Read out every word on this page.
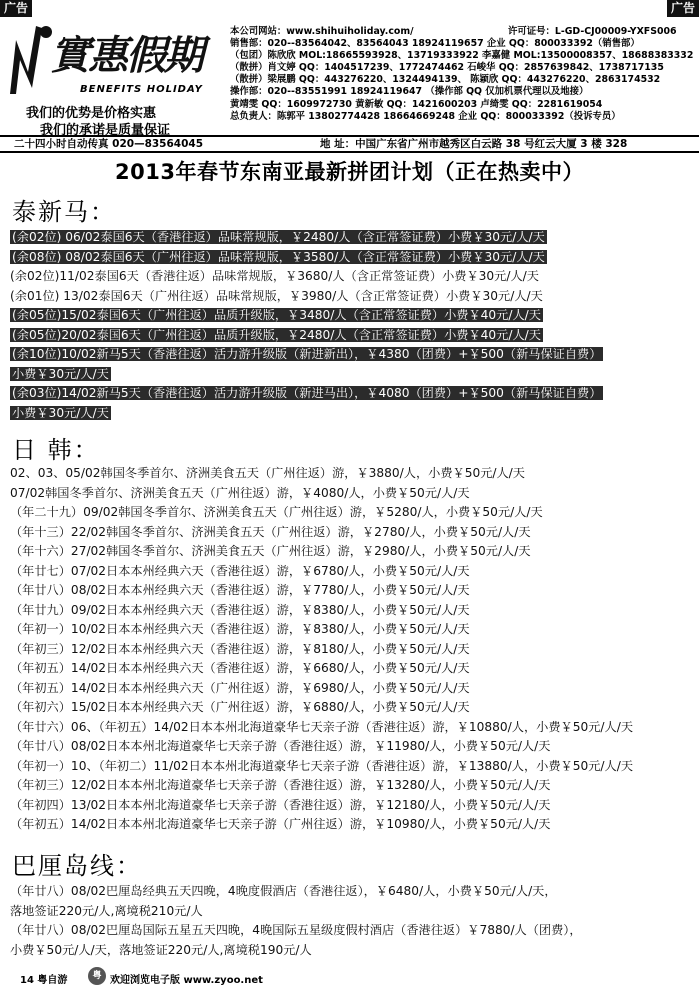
广告	广告
實惠假期
BENEFITS HOLIDAY
我们的优势是价格实惠
我们的承诺是质量保证
本公司网站：www.shihuiholiday.com/	许可证号：L-GD-CJ00009-YXFS006
销售部：020--83564042、83564043 18924119657 企业 QQ：800033392（销售部）
（包团）陈欣欣 MOL:18665593928、13719333922 李嘉健 MOL:13500008357、18688383332
（散拼）肖文婷 QQ：1404517239、1772474462 石峻华 QQ：2857639842、1738717135
（散拼）梁展鹏 QQ：443276220、1324494139、 陈颖欣 QQ：443276220、2863174532
操作部：020--83551991 18924119647 （操作部 QQ 仅加机票代理以及地接）
黄靖雯 QQ：1609972730 黄新敏 QQ：1421600203 卢绮雯 QQ：2281619054
总负责人：陈郭平 13802774428 18664669248 企业 QQ：800033392（投诉专员）
二十四小时自动传真 020—83564045	地 址：中国广东省广州市越秀区白云路 38 号红云大厦 3 楼 328
2013年春节东南亚最新拼团计划（正在热卖中）
泰新马：
(余02位) 06/02泰国6天（香港往返）品味常规版，￥2480/人（含正常签证费）小费￥30元/人/天
(余08位) 08/02泰国6天（广州往返）品味常规版，￥3580/人（含正常签证费）小费￥30元/人/天
(余02位)11/02泰国6天（香港往返）品味常规版，￥3680/人（含正常签证费）小费￥30元/人/天
(余01位) 13/02泰国6天（广州往返）品味常规版，￥3980/人（含正常签证费）小费￥30元/人/天
(余05位)15/02泰国6天（广州往返）品质升级版，￥3480/人（含正常签证费）小费￥40元/人/天
(余05位)20/02泰国6天（广州往返）品质升级版，￥2480/人（含正常签证费）小费￥40元/人/天
(余10位)10/02新马5天（香港往返）活力游升级版（新进新出），￥4380（团费）+￥500（新马保证自费）
小费￥30元/人/天
(余03位)14/02新马5天（香港往返）活力游升级版（新进马出），￥4080（团费）+￥500（新马保证自费）
小费￥30元/人/天
日 韩：
02、03、05/02韩国冬季首尔、济洲美食五天（广州往返）游，￥3880/人，小费￥50元/人/天
07/02韩国冬季首尔、济洲美食五天（广州往返）游，￥4080/人，小费￥50元/人/天
（年二十九）09/02韩国冬季首尔、济洲美食五天（广州往返）游，￥5280/人，小费￥50元/人/天
（年十三）22/02韩国冬季首尔、济洲美食五天（广州往返）游，￥2780/人，小费￥50元/人/天
（年十六）27/02韩国冬季首尔、济洲美食五天（广州往返）游，￥2980/人，小费￥50元/人/天
（年廿七）07/02日本本州经典六天（香港往返）游，￥6780/人，小费￥50元/人/天
（年廿八）08/02日本本州经典六天（香港往返）游，￥7780/人，小费￥50元/人/天
（年廿九）09/02日本本州经典六天（香港往返）游，￥8380/人，小费￥50元/人/天
（年初一）10/02日本本州经典六天（香港往返）游，￥8380/人，小费￥50元/人/天
（年初三）12/02日本本州经典六天（香港往返）游，￥8180/人，小费￥50元/人/天
（年初五）14/02日本本州经典六天（香港往返）游，￥6680/人，小费￥50元/人/天
（年初五）14/02日本本州经典六天（广州往返）游，￥6980/人，小费￥50元/人/天
（年初六）15/02日本本州经典六天（广州往返）游，￥6880/人，小费￥50元/人/天
（年廿六）06、（年初五）14/02日本本州北海道豪华七天亲子游（香港往返）游，￥10880/人，小费￥50元/人/天
（年廿八）08/02日本本州北海道豪华七天亲子游（香港往返）游，￥11980/人，小费￥50元/人/天
（年初一）10、（年初二）11/02日本本州北海道豪华七天亲子游（香港往返）游，￥13880/人，小费￥50元/人/天
（年初三）12/02日本本州北海道豪华七天亲子游（香港往返）游，￥13280/人，小费￥50元/人/天
（年初四）13/02日本本州北海道豪华七天亲子游（香港往返）游，￥12180/人，小费￥50元/人/天
（年初五）14/02日本本州北海道豪华七天亲子游（广州往返）游，￥10980/人，小费￥50元/人/天
巴厘岛线：
（年廿八）08/02巴厘岛经典五天四晚，4晚度假酒店（香港往返），￥6480/人，小费￥50元/人/天，
落地签证220元/人,离境税210元/人
（年廿八）08/02巴厘岛国际五星五天四晚，4晚国际五星级度假村酒店（香港往返）￥7880/人（团费），
小费￥50元/人/天，落地签证220元/人,离境税190元/人
14 粤自游	粤 欢迎浏览电子版 www.zyoo.net
